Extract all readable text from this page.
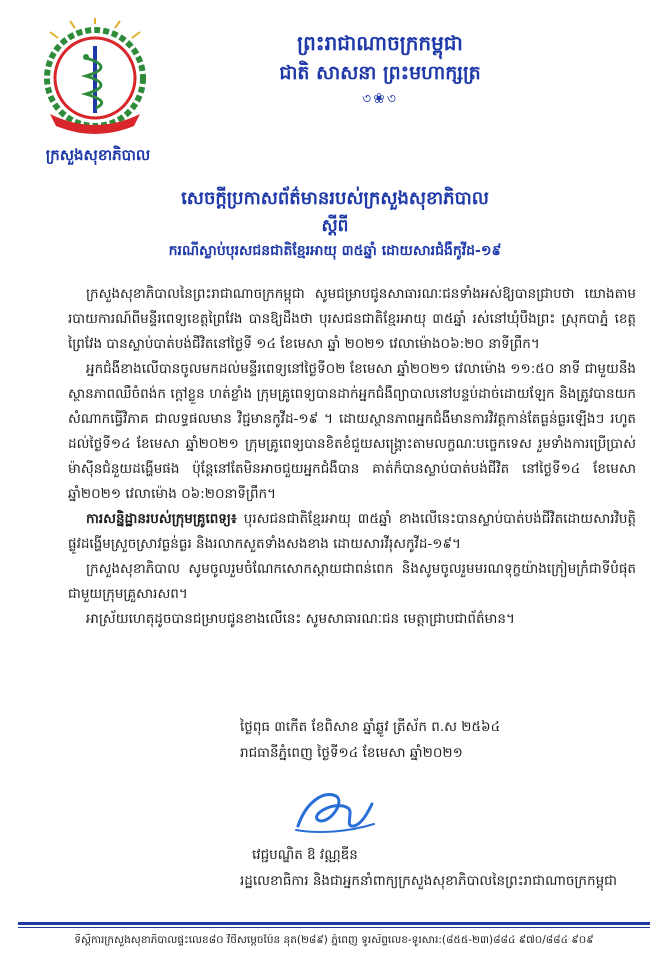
ក្រសួងសុខាភិបាល
ព្រះរាជាណាចក្រកម្ពុជា
ជាតិ សាសនា ព្រះមហាក្សត្រ
৩❀৩
សេចក្តីប្រកាសព័ត៌មានរបស់ក្រសួងសុខាភិបាល
ស្តីពី
ករណីស្លាប់បុរសជនជាតិខ្មែរអាយុ ៣៥ឆ្នាំ ដោយសារជំងឺកូវីដ-១៩

ក្រសួងសុខាភិបាលនៃព្រះរាជាណាចក្រកម្ពុជា សូមជម្រាបជូនសាធារណៈជនទាំងអស់ឱ្យបានជ្រាបថា យោងតាមរបាយការណ៍ពីមន្ទីរពេទ្យខេត្តព្រៃវែង បានឱ្យដឹងថា បុរសជនជាតិខ្មែរអាយុ ៣៥ឆ្នាំ រស់នៅឃុំបឹងព្រះ ស្រុកបាភ្នំ ខេត្តព្រៃវែង បានស្លាប់បាត់បង់ជីវិតនៅថ្ងៃទី ១៤ ខែមេសា ឆ្នាំ ២០២១ វេលាម៉ោង០៦:២០ នាទីព្រឹក។

អ្នកជំងឺខាងលើបានចូលមកដល់មន្ទីរពេទ្យនៅថ្ងៃទី០២ ខែមេសា ឆ្នាំ២០២១ វេលាម៉ោង ១១:៥០ នាទី ជាមួយនឹងស្ថានភាពឈឺចំពង់ក ក្តៅខ្លួន ហត់ខ្លាំង ក្រុមគ្រូពេទ្យបានដាក់អ្នកជំងឺព្យាបាលនៅបន្ទប់ដាច់ដោយឡែក និងត្រូវបានយកសំណាកធ្វើវិភាគ ជាលទ្ធផលមាន វិជ្ជមានកូវីដ-១៩ ។ ដោយស្ថានភាពអ្នកជំងឺមានការវិវត្តកាន់តែធ្ងន់ធ្ងរឡើងៗ រហូតដល់ថ្ងៃទី១៤ ខែមេសា ឆ្នាំ២០២១ ក្រុមគ្រូពេទ្យបានខិតខំជួយសង្គ្រោះតាមលក្ខណៈបច្ចេកទេស រួមទាំងការប្រើប្រាស់ម៉ាស៊ីនជំនួយដង្ហើមផង ប៉ុន្តែនៅតែមិនអាចជួយអ្នកជំងឺបាន គាត់ក៏បានស្លាប់បាត់បង់ជីវិត នៅថ្ងៃទី១៤ ខែមេសា ឆ្នាំ២០២១ វេលាម៉ោង ០៦:២០នាទីព្រឹក។

ការសន្និដ្ឋានរបស់ក្រុមគ្រូពេទ្យ៖ បុរសជនជាតិខ្មែរអាយុ ៣៥ឆ្នាំ ខាងលើនេះបានស្លាប់បាត់បង់ជីវិតដោយសារវិបត្តិផ្លូវដង្ហើមស្រួចស្រាវធ្ងន់ធ្ងរ និងរលាកសួតទាំងសងខាង ដោយសារវីរុសកូវីដ-១៩។

ក្រសួងសុខាភិបាល សូមចូលរួមចំណែកសោកស្តាយជាពន់ពេក និងសូមចូលរួមមរណទុក្ខយ៉ាងក្រៀមក្រំជាទីបំផុតជាមួយក្រុមគ្រួសារសព។

អាស្រ័យហេតុដូចបានជម្រាបជូនខាងលើនេះ សូមសាធារណៈជន មេត្តាជ្រាបជាព័ត៌មាន។

ថ្ងៃពុធ ៣កើត ខែពិសាខ ឆ្នាំឆ្លូវ ត្រីស័ក ព.ស ២៥៦៤
រាជធានីភ្នំពេញ ថ្ងៃទី១៤ ខែមេសា ឆ្នាំ២០២១
វេជ្ជបណ្ឌិត ឱ វណ្ណឌីន
រដ្ឋលេខាធិការ និងជាអ្នកនាំពាក្យក្រសួងសុខាភិបាលនៃព្រះរាជាណាចក្រកម្ពុជា
ទីស្តីការក្រសួងសុខាភិបាលផ្ទះលេខ៨០ វិថីសម្តេចប៉ែន នុត(២៨៩) ភ្នំពេញ ទូរស័ព្ទលេខ-ទូរសារ:(៨៥៥-២៣)៨៨៤ ៩៧០/៨៨៤ ៩០៩
